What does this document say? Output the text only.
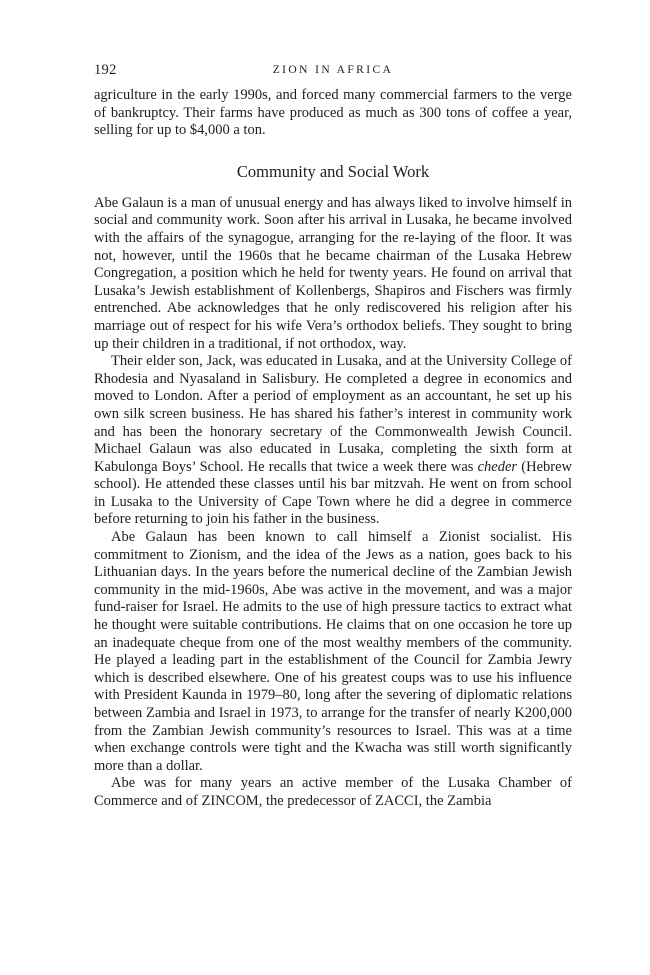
192	ZION IN AFRICA

agriculture in the early 1990s, and forced many commercial farmers to the verge of bankruptcy. Their farms have produced as much as 300 tons of coffee a year, selling for up to $4,000 a ton.

Community and Social Work

Abe Galaun is a man of unusual energy and has always liked to involve himself in social and community work. Soon after his arrival in Lusaka, he became involved with the affairs of the synagogue, arranging for the re-laying of the floor. It was not, however, until the 1960s that he became chairman of the Lusaka Hebrew Congregation, a position which he held for twenty years. He found on arrival that Lusaka’s Jewish establishment of Kollenbergs, Shapiros and Fischers was firmly entrenched. Abe acknowledges that he only rediscovered his religion after his marriage out of respect for his wife Vera’s orthodox beliefs. They sought to bring up their children in a traditional, if not orthodox, way.

Their elder son, Jack, was educated in Lusaka, and at the University College of Rhodesia and Nyasaland in Salisbury. He completed a degree in economics and moved to London. After a period of employment as an accountant, he set up his own silk screen business. He has shared his father’s interest in community work and has been the honorary secretary of the Commonwealth Jewish Council. Michael Galaun was also educated in Lusaka, completing the sixth form at Kabulonga Boys’ School. He recalls that twice a week there was cheder (Hebrew school). He attended these classes until his bar mitzvah. He went on from school in Lusaka to the University of Cape Town where he did a degree in commerce before returning to join his father in the business.

Abe Galaun has been known to call himself a Zionist socialist. His commitment to Zionism, and the idea of the Jews as a nation, goes back to his Lithuanian days. In the years before the numerical decline of the Zambian Jewish community in the mid-1960s, Abe was active in the movement, and was a major fund-raiser for Israel. He admits to the use of high pressure tactics to extract what he thought were suitable contributions. He claims that on one occasion he tore up an inadequate cheque from one of the most wealthy members of the community. He played a leading part in the establishment of the Council for Zambia Jewry which is described elsewhere. One of his greatest coups was to use his influence with President Kaunda in 1979–80, long after the severing of diplomatic relations between Zambia and Israel in 1973, to arrange for the transfer of nearly K200,000 from the Zambian Jewish community’s resources to Israel. This was at a time when exchange controls were tight and the Kwacha was still worth significantly more than a dollar.

Abe was for many years an active member of the Lusaka Chamber of Commerce and of ZINCOM, the predecessor of ZACCI, the Zambia
